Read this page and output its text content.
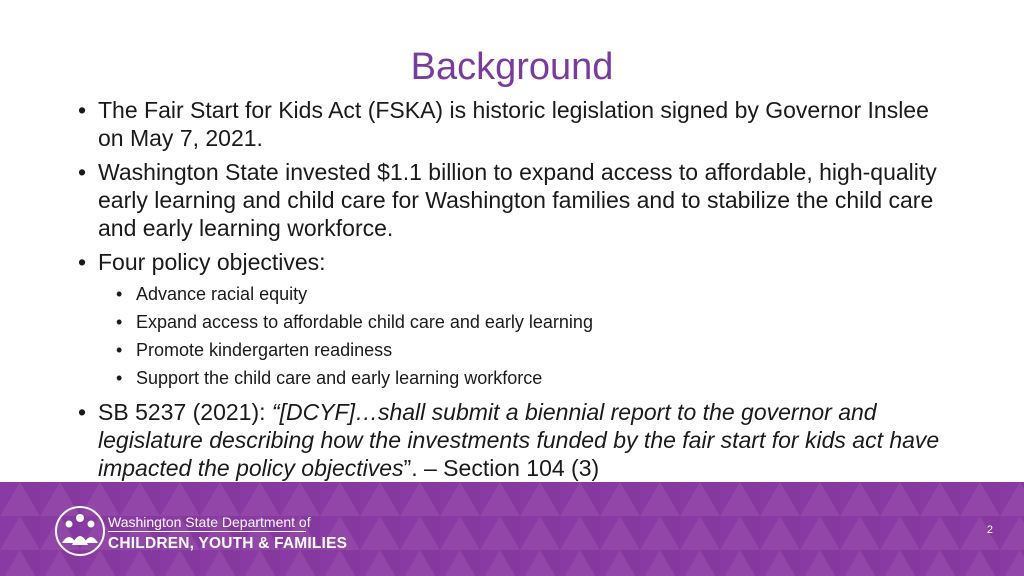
Background
• The Fair Start for Kids Act (FSKA) is historic legislation signed by Governor Inslee on May 7, 2021.
• Washington State invested $1.1 billion to expand access to affordable, high-quality early learning and child care for Washington families and to stabilize the child care and early learning workforce.
• Four policy objectives:
• Advance racial equity
• Expand access to affordable child care and early learning
• Promote kindergarten readiness
• Support the child care and early learning workforce
• SB 5237 (2021): “[DCYF]…shall submit a biennial report to the governor and legislature describing how the investments funded by the fair start for kids act have impacted the policy objectives”. – Section 104 (3)
Washington State Department of
CHILDREN, YOUTH & FAMILIES
2
